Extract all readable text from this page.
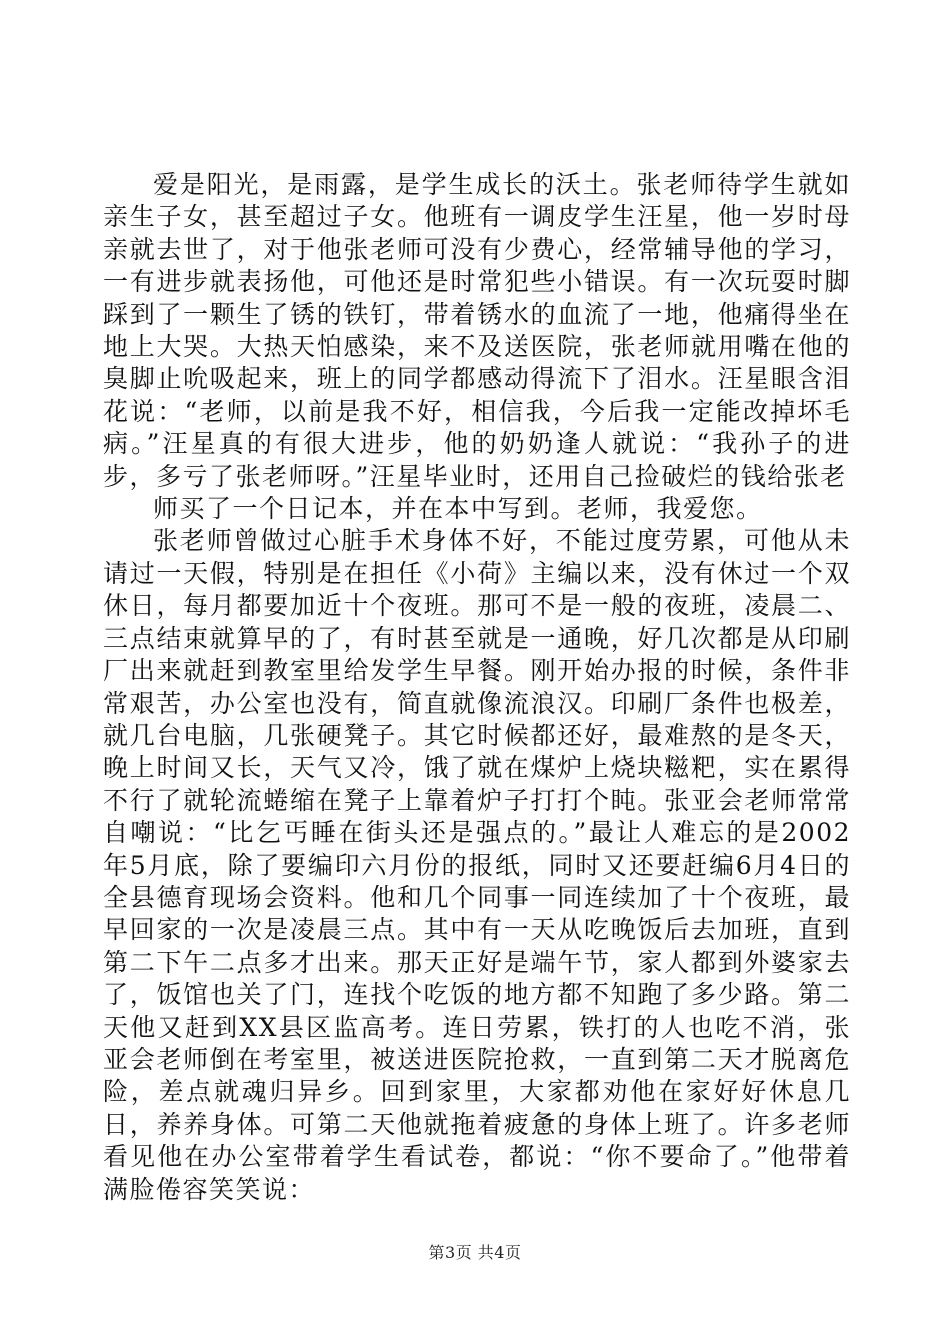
爱是阳光，是雨露，是学生成长的沃土。张老师待学生就如亲生子女，甚至超过子女。他班有一调皮学生汪星，他一岁时母亲就去世了，对于他张老师可没有少费心，经常辅导他的学习，一有进步就表扬他，可他还是时常犯些小错误。有一次玩耍时脚踩到了一颗生了锈的铁钉，带着锈水的血流了一地，他痛得坐在地上大哭。大热天怕感染，来不及送医院，张老师就用嘴在他的臭脚止吮吸起来，班上的同学都感动得流下了泪水。汪星眼含泪花说：“老师，以前是我不好，相信我，今后我一定能改掉坏毛病。”汪星真的有很大进步，他的奶奶逢人就说：“我孙子的进步，多亏了张老师呀。”汪星毕业时，还用自己捡破烂的钱给张老

师买了一个日记本，并在本中写到。老师，我爱您。

张老师曾做过心脏手术身体不好，不能过度劳累，可他从未请过一天假，特别是在担任《小荷》主编以来，没有休过一个双休日，每月都要加近十个夜班。那可不是一般的夜班，凌晨二、三点结束就算早的了，有时甚至就是一通晚，好几次都是从印刷厂出来就赶到教室里给发学生早餐。刚开始办报的时候，条件非常艰苦，办公室也没有，简直就像流浪汉。印刷厂条件也极差，就几台电脑，几张硬凳子。其它时候都还好，最难熬的是冬天，晚上时间又长，天气又冷，饿了就在煤炉上烧块糍粑，实在累得不行了就轮流蜷缩在凳子上靠着炉子打打个盹。张亚会老师常常自嘲说：“比乞丐睡在街头还是强点的。”最让人难忘的是2002年5月底，除了要编印六月份的报纸，同时又还要赶编6月4日的全县德育现场会资料。他和几个同事一同连续加了十个夜班，最早回家的一次是凌晨三点。其中有一天从吃晚饭后去加班，直到第二下午二点多才出来。那天正好是端午节，家人都到外婆家去了，饭馆也关了门，连找个吃饭的地方都不知跑了多少路。第二天他又赶到XX县区监高考。连日劳累，铁打的人也吃不消，张亚会老师倒在考室里，被送进医院抢救，一直到第二天才脱离危险，差点就魂归异乡。回到家里，大家都劝他在家好好休息几日，养养身体。可第二天他就拖着疲惫的身体上班了。许多老师看见他在办公室带着学生看试卷，都说：“你不要命了。”他带着满脸倦容笑笑说：

第3页 共4页
